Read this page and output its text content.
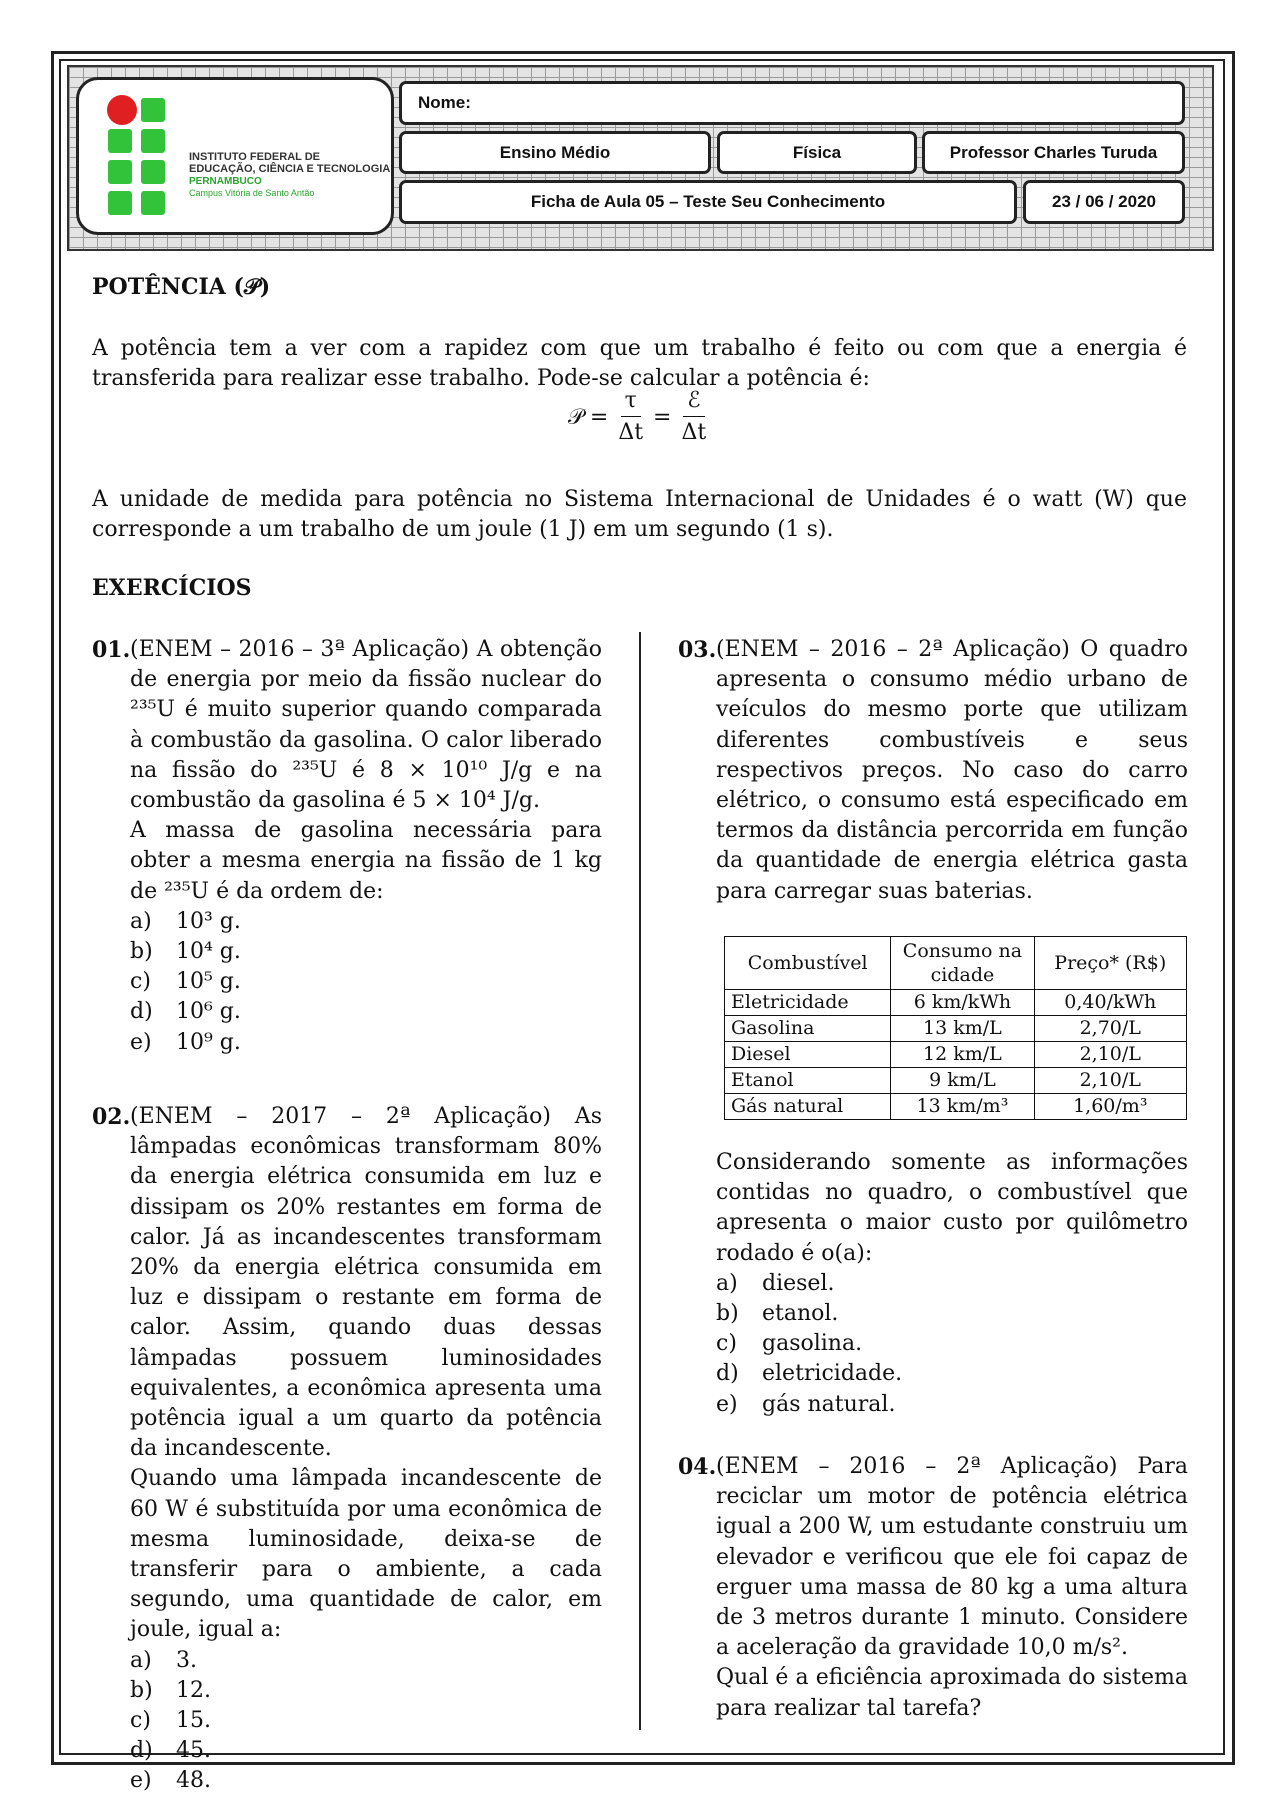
INSTITUTO FEDERAL DE
EDUCAÇÃO, CIÊNCIA E TECNOLOGIA
PERNAMBUCO
Campus Vitória de Santo Antão
Nome:
Ensino Médio	Física	Professor Charles Turuda
Ficha de Aula 05 – Teste Seu Conhecimento	23 / 06 / 2020
POTÊNCIA (𝒫)
A potência tem a ver com a rapidez com que um trabalho é feito ou com que a energia é transferida para realizar esse trabalho. Pode-se calcular a potência é:
𝒫 = $\frac{\tau}{\Delta t} = \frac{\text{ℰ}}{\Delta t}$
A unidade de medida para potência no Sistema Internacional de Unidades é o watt (W) que corresponde a um trabalho de um joule (1 J) em um segundo (1 s).
EXERCÍCIOS
01. (ENEM – 2016 – 3ª Aplicação) A obtenção de energia por meio da fissão nuclear do ²³⁵U é muito superior quando comparada à combustão da gasolina. O calor liberado na fissão do ²³⁵U é 8 × 10¹⁰ J/g e na combustão da gasolina é 5 × 10⁴ J/g.
A massa de gasolina necessária para obter a mesma energia na fissão de 1 kg de ²³⁵U é da ordem de:
a)	10³ g.
b)	10⁴ g.
c)	10⁵ g.
d)	10⁶ g.
e)	10⁹ g.
02. (ENEM – 2017 – 2ª Aplicação) As lâmpadas econômicas transformam 80% da energia elétrica consumida em luz e dissipam os 20% restantes em forma de calor. Já as incandescentes transformam 20% da energia elétrica consumida em luz e dissipam o restante em forma de calor. Assim, quando duas dessas lâmpadas possuem luminosidades equivalentes, a econômica apresenta uma potência igual a um quarto da potência da incandescente.
Quando uma lâmpada incandescente de 60 W é substituída por uma econômica de mesma luminosidade, deixa-se de transferir para o ambiente, a cada segundo, uma quantidade de calor, em joule, igual a:
a)	3.
b)	12.
c)	15.
d)	45.
e)	48.
03. (ENEM – 2016 – 2ª Aplicação) O quadro apresenta o consumo médio urbano de veículos do mesmo porte que utilizam diferentes combustíveis e seus respectivos preços. No caso do carro elétrico, o consumo está especificado em termos da distância percorrida em função da quantidade de energia elétrica gasta para carregar suas baterias.
Combustível	Consumo na cidade	Preço* (R$)
Eletricidade	6 km/kWh	0,40/kWh
Gasolina	13 km/L	2,70/L
Diesel	12 km/L	2,10/L
Etanol	9 km/L	2,10/L
Gás natural	13 km/m³	1,60/m³
Considerando somente as informações contidas no quadro, o combustível que apresenta o maior custo por quilômetro rodado é o(a):
a)	diesel.
b)	etanol.
c)	gasolina.
d)	eletricidade.
e)	gás natural.
04. (ENEM – 2016 – 2ª Aplicação) Para reciclar um motor de potência elétrica igual a 200 W, um estudante construiu um elevador e verificou que ele foi capaz de erguer uma massa de 80 kg a uma altura de 3 metros durante 1 minuto. Considere a aceleração da gravidade 10,0 m/s².
Qual é a eficiência aproximada do sistema para realizar tal tarefa?
